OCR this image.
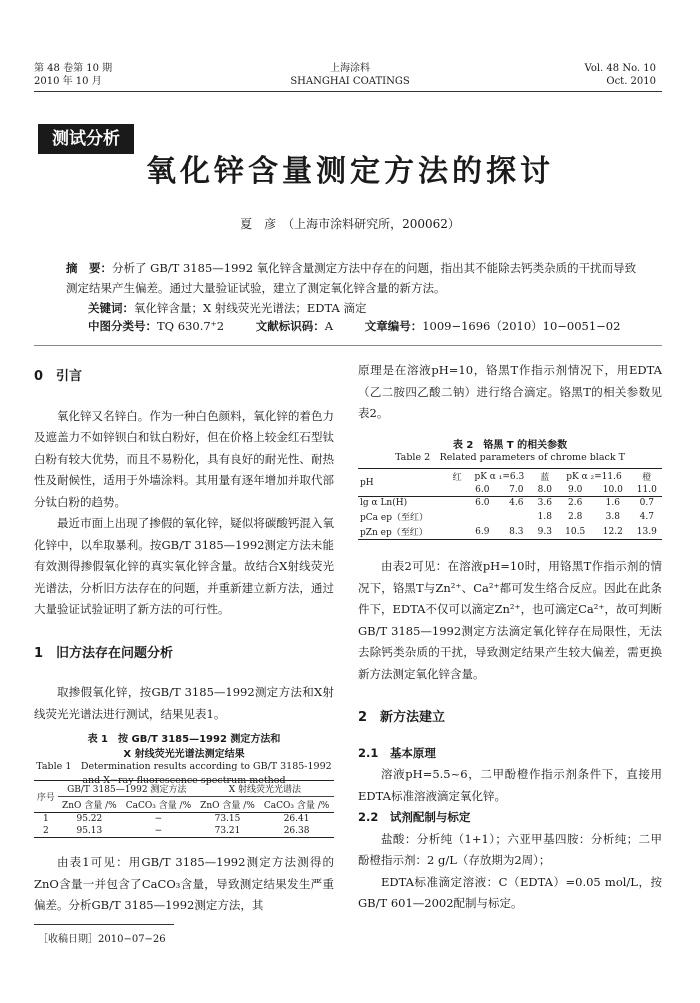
第 48 卷第 10 期
2010 年 10 月
上海涂料
SHANGHAI COATINGS
Vol. 48 No. 10
Oct. 2010
测试分析
氧化锌含量测定方法的探讨
夏　彦　（上海市涂料研究所，200062）
摘　要：分析了 GB/T 3185—1992 氧化锌含量测定方法中存在的问题，指出其不能除去钙类杂质的干扰而导致测定结果产生偏差。通过大量验证试验，建立了测定氧化锌含量的新方法。
关键词：氧化锌含量；X 射线荧光光谱法；EDTA 滴定
中图分类号：TQ 630.7⁺2	文献标识码：A	文章编号：1009−1696（2010）10−0051−02
0　引言

氧化锌又名锌白。作为一种白色颜料，氧化锌的着色力及遮盖力不如锌钡白和钛白粉好，但在价格上较金红石型钛白粉有较大优势，而且不易粉化，具有良好的耐光性、耐热性及耐候性，适用于外墙涂料。其用量有逐年增加并取代部分钛白粉的趋势。

最近市面上出现了掺假的氧化锌，疑似将碳酸钙混入氧化锌中，以牟取暴利。按GB/T 3185—1992测定方法未能有效测得掺假氧化锌的真实氧化锌含量。故结合X射线荧光光谱法，分析旧方法存在的问题，并重新建立新方法，通过大量验证试验证明了新方法的可行性。

1　旧方法存在问题分析

取掺假氧化锌，按GB/T 3185—1992测定方法和X射线荧光光谱法进行测试，结果见表1。

表 1　按 GB/T 3185—1992 测定方法和
X 射线荧光光谱法测定结果
Table 1　Determination results according to GB/T 3185-1992
and X−ray fluorescence spectrum method
序号	GB/T 3185—1992 测定方法		X 射线荧光光谱法	
	ZnO 含量 /%	CaCO₃ 含量 /%	ZnO 含量 /%	CaCO₃ 含量 /%
1	95.22	−	73.15	26.41
2	95.13	−	73.21	26.38

由表1可见：用GB/T 3185—1992测定方法测得的ZnO含量一并包含了CaCO₃含量，导致测定结果发生严重偏差。分析GB/T 3185—1992测定方法，其

原理是在溶液pH=10，铬黑T作指示剂情况下，用EDTA（乙二胺四乙酸二钠）进行络合滴定。铬黑T的相关参数见表2。

表 2　铬黑 T 的相关参数
Table 2　Related parameters of chrome black T
pH	红	pK α ₁=6.3		蓝	pK α ₂=11.6		橙
		6.0	7.0	8.0	9.0	10.0	11.0
lg α Ln(H)		6.0	4.6	3.6	2.6	1.6	0.7
pCa ep（至红）				1.8	2.8	3.8	4.7
pZn ep（至红）		6.9	8.3	9.3	10.5	12.2	13.9

由表2可见：在溶液pH=10时，用铬黑T作指示剂的情况下，铬黑T与Zn²⁺、Ca²⁺都可发生络合反应。因此在此条件下，EDTA不仅可以滴定Zn²⁺，也可滴定Ca²⁺，故可判断GB/T 3185—1992测定方法滴定氧化锌存在局限性，无法去除钙类杂质的干扰，导致测定结果产生较大偏差，需更换新方法测定氧化锌含量。

2　新方法建立
2.1　基本原理

溶液pH=5.5~6，二甲酚橙作指示剂条件下，直接用EDTA标准溶液滴定氧化锌。

2.2　试剂配制与标定

盐酸：分析纯（1+1）；六亚甲基四胺：分析纯；二甲酚橙指示剂：2 g/L（存放期为2周）；

EDTA标准滴定溶液：C（EDTA）=0.05 mol/L，按GB/T 601—2002配制与标定。

［收稿日期］2010−07−26
